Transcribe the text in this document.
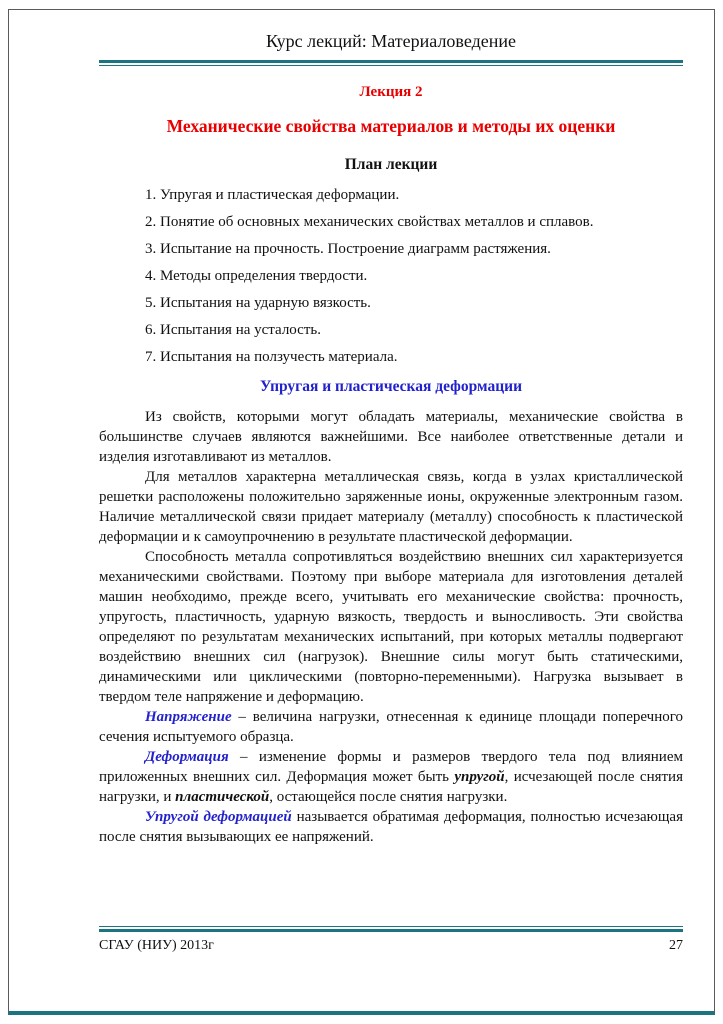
Курс лекций: Материаловедение
Лекция 2
Механические свойства материалов и методы их оценки
План лекции
1. Упругая и пластическая деформации.
2. Понятие об основных механических свойствах металлов и сплавов.
3. Испытание на прочность. Построение диаграмм растяжения.
4. Методы определения твердости.
5. Испытания на ударную вязкость.
6. Испытания на усталость.
7. Испытания на ползучесть материала.
Упругая и пластическая деформации

Из свойств, которыми могут обладать материалы, механические свойства в большинстве случаев являются важнейшими. Все наиболее ответственные детали и изделия изготавливают из металлов.

Для металлов характерна металлическая связь, когда в узлах кристаллической решетки расположены положительно заряженные ионы, окруженные электронным газом. Наличие металлической связи придает материалу (металлу) способность к пластической деформации и к самоупрочнению в результате пластической деформации.

Способность металла сопротивляться воздействию внешних сил характеризуется механическими свойствами. Поэтому при выборе материала для изготовления деталей машин необходимо, прежде всего, учитывать его механические свойства: прочность, упругость, пластичность, ударную вязкость, твердость и выносливость. Эти свойства определяют по результатам механических испытаний, при которых металлы подвергают воздействию внешних сил (нагрузок). Внешние силы могут быть статическими, динамическими или циклическими (повторно-переменными). Нагрузка вызывает в твердом теле напряжение и деформацию.

Напряжение – величина нагрузки, отнесенная к единице площади поперечного сечения испытуемого образца.

Деформация – изменение формы и размеров твердого тела под влиянием приложенных внешних сил. Деформация может быть упругой, исчезающей после снятия нагрузки, и пластической, остающейся после снятия нагрузки.

Упругой деформацией называется обратимая деформация, полностью исчезающая после снятия вызывающих ее напряжений.

СГАУ (НИУ) 2013г	27
